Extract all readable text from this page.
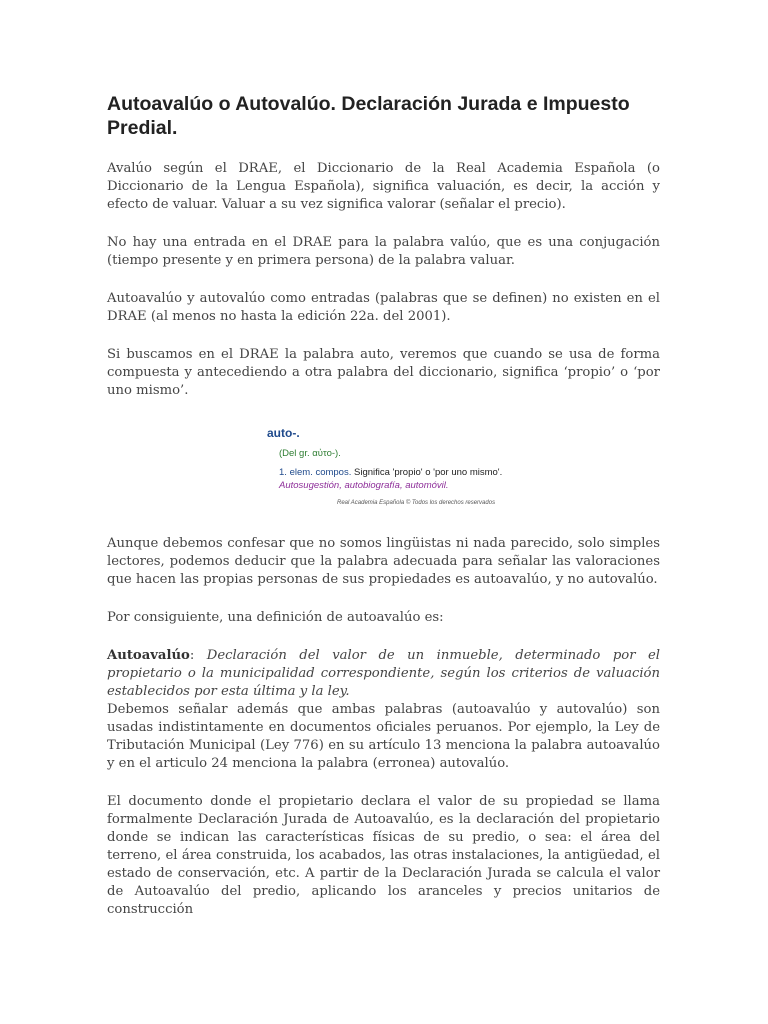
Autoavalúo o Autovalúo. Declaración Jurada e Impuesto Predial.

Avalúo según el DRAE, el Diccionario de la Real Academia Española (o Diccionario de la Lengua Española), significa valuación, es decir, la acción y efecto de valuar. Valuar a su vez significa valorar (señalar el precio).

No hay una entrada en el DRAE para la palabra valúo, que es una conjugación (tiempo presente y en primera persona) de la palabra valuar.

Autoavalúo y autovalúo como entradas (palabras que se definen) no existen en el DRAE (al menos no hasta la edición 22a. del 2001).

Si buscamos en el DRAE la palabra auto, veremos que cuando se usa de forma compuesta y antecediendo a otra palabra del diccionario, significa ‘propio’ o ‘por uno mismo’.

auto-.
(Del gr. αὐτο-).
1. elem. compos. Significa 'propio' o 'por uno mismo'.
Autosugestión, autobiografía, automóvil.
Real Academia Española © Todos los derechos reservados

Aunque debemos confesar que no somos lingüistas ni nada parecido, solo simples lectores, podemos deducir que la palabra adecuada para señalar las valoraciones que hacen las propias personas de sus propiedades es autoavalúo, y no autovalúo.

Por consiguiente, una definición de autoavalúo es:

Autoavalúo: Declaración del valor de un inmueble, determinado por el propietario o la municipalidad correspondiente, según los criterios de valuación establecidos por esta última y la ley.

Debemos señalar además que ambas palabras (autoavalúo y autovalúo) son usadas indistintamente en documentos oficiales peruanos. Por ejemplo, la Ley de Tributación Municipal (Ley 776) en su artículo 13 menciona la palabra autoavalúo y en el articulo 24 menciona la palabra (erronea) autovalúo.

El documento donde el propietario declara el valor de su propiedad se llama formalmente Declaración Jurada de Autoavalúo, es la declaración del propietario donde se indican las características físicas de su predio, o sea: el área del terreno, el área construida, los acabados, las otras instalaciones, la antigüedad, el estado de conservación, etc. A partir de la Declaración Jurada se calcula el valor de Autoavalúo del predio, aplicando los aranceles y precios unitarios de construcción
